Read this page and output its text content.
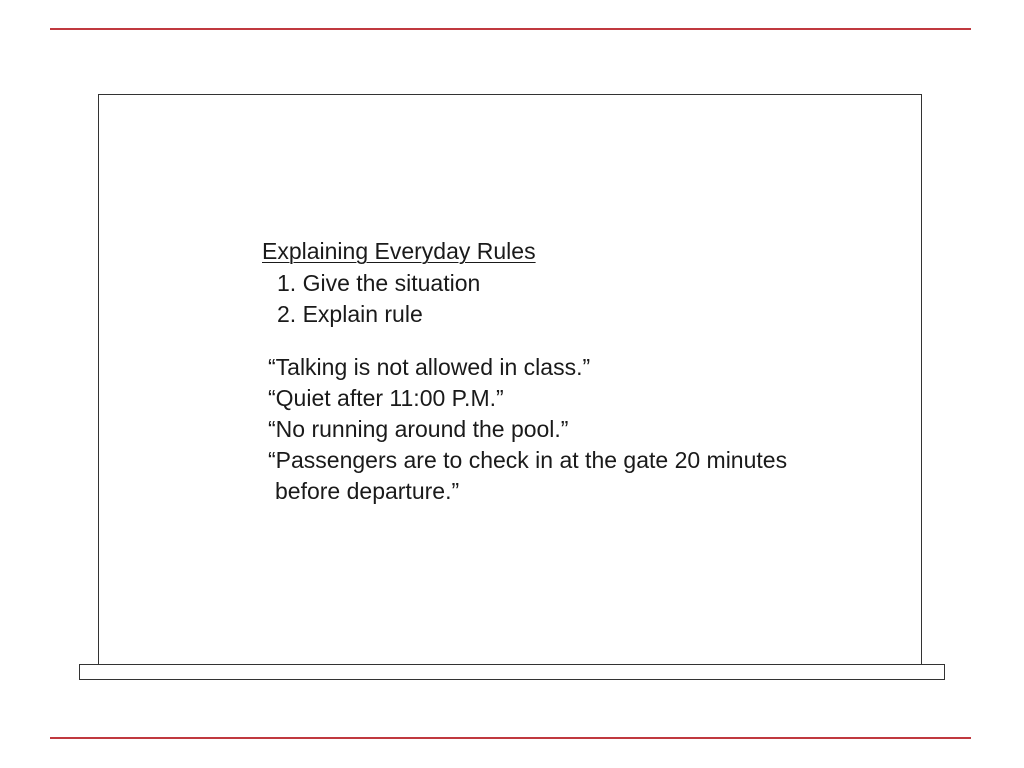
Explaining Everyday Rules
1. Give the situation
2. Explain rule
“Talking is not allowed in class.”
“Quiet after 11:00 P.M.”
“No running around the pool.”
“Passengers are to check in at the gate 20 minutes
before departure.”
